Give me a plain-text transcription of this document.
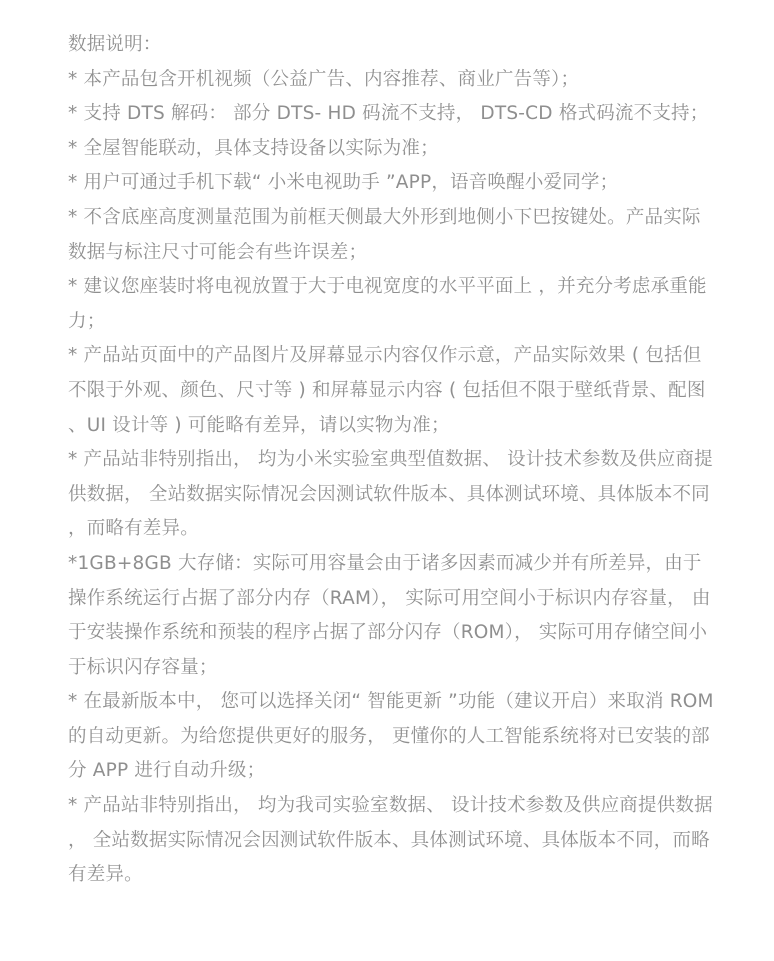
数据说明：

* 本产品包含开机视频（公益广告、内容推荐、商业广告等）；

* 支持 DTS 解码： 部分 DTS- HD 码流不支持， DTS-CD 格式码流不支持；

* 全屋智能联动，具体支持设备以实际为准；

* 用户可通过手机下载“ 小米电视助手 ”APP，语音唤醒小爱同学；

* 不含底座高度测量范围为前框天侧最大外形到地侧小下巴按键处。产品实际数据与标注尺寸可能会有些许误差；

* 建议您座装时将电视放置于大于电视宽度的水平平面上 ，并充分考虑承重能力；

* 产品站页面中的产品图片及屏幕显示内容仅作示意，产品实际效果 ( 包括但不限于外观、颜色、尺寸等 ) 和屏幕显示内容 ( 包括但不限于壁纸背景、配图、UI 设计等 ) 可能略有差异，请以实物为准；

* 产品站非特别指出， 均为小米实验室典型值数据、 设计技术参数及供应商提供数据， 全站数据实际情况会因测试软件版本、具体测试环境、具体版本不同，而略有差异。

*1GB+8GB 大存储：实际可用容量会由于诸多因素而减少并有所差异，由于操作系统运行占据了部分内存（RAM）， 实际可用空间小于标识内存容量， 由于安装操作系统和预装的程序占据了部分闪存（ROM）， 实际可用存储空间小于标识闪存容量；

* 在最新版本中， 您可以选择关闭“ 智能更新 ”功能（建议开启）来取消 ROM 的自动更新。为给您提供更好的服务， 更懂你的人工智能系统将对已安装的部分 APP 进行自动升级；

* 产品站非特别指出， 均为我司实验室数据、 设计技术参数及供应商提供数据， 全站数据实际情况会因测试软件版本、具体测试环境、具体版本不同，而略有差异。
